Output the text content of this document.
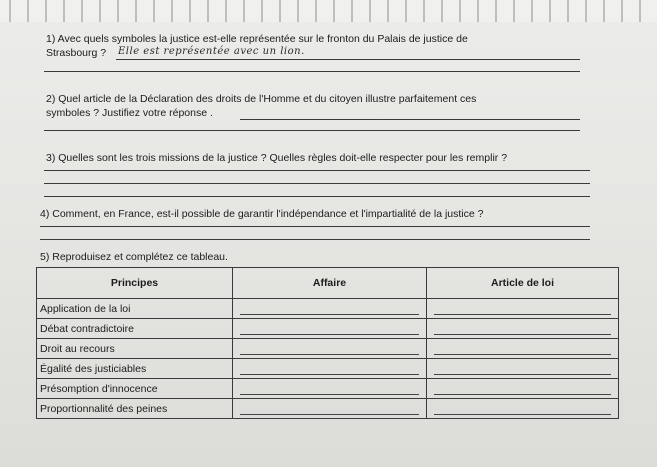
1) Avec quels symboles la justice est-elle représentée sur le fronton du Palais de justice de
Strasbourg ? Elle est représentée avec un lion.
2) Quel article de la Déclaration des droits de l'Homme et du citoyen illustre parfaitement ces
symboles ? Justifiez votre réponse .
3) Quelles sont les trois missions de la justice ? Quelles règles doit-elle respecter pour les remplir ?
4) Comment, en France, est-il possible de garantir l'indépendance et l'impartialité de la justice ?
5) Reproduisez et complétez ce tableau.
Principes	Affaire	Article de loi
Application de la loi	

Débat contradictoire	

Droit au recours	

Égalité des justiciables	

Présomption d'innocence	

Proportionnalité des peines	
